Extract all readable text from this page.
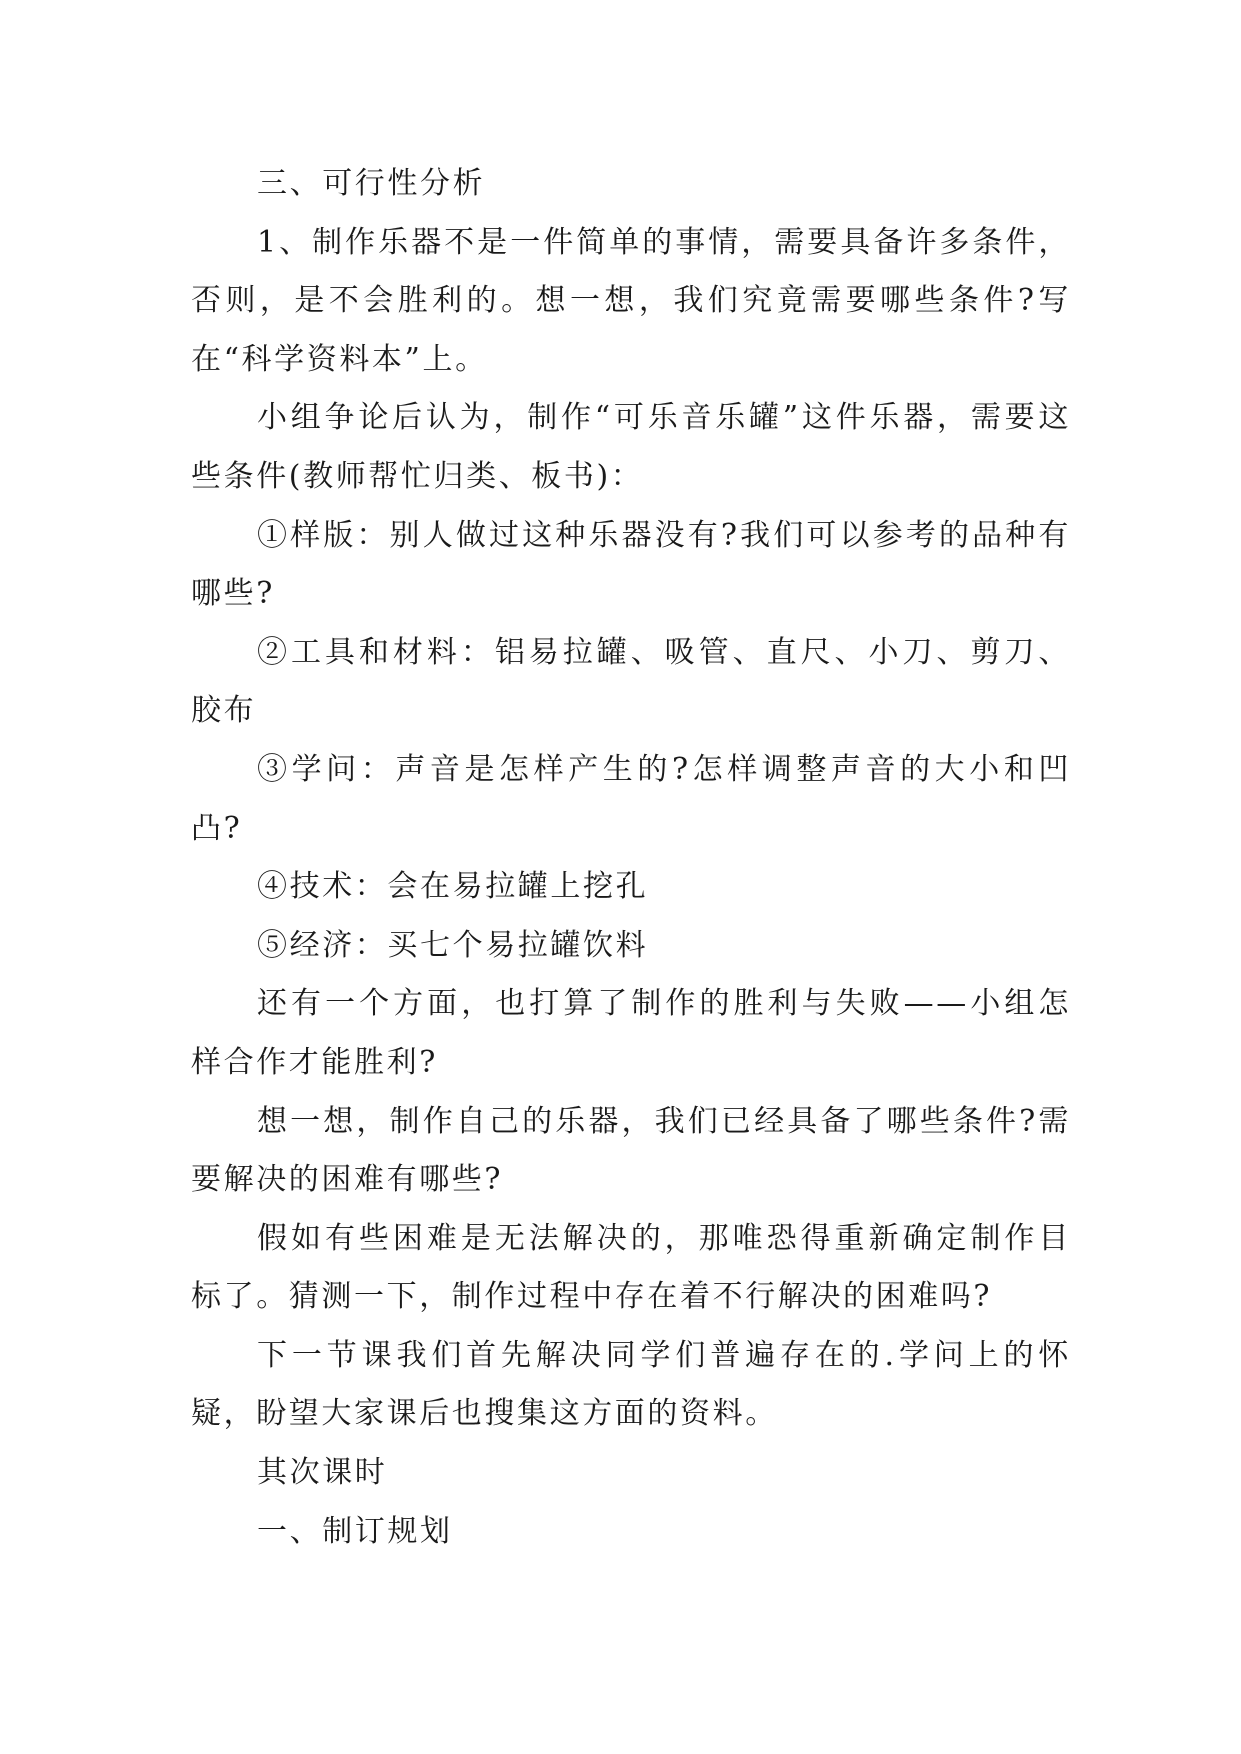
三、可行性分析

1、制作乐器不是一件简单的事情，需要具备许多条件，否则，是不会胜利的。想一想，我们究竟需要哪些条件?写在“科学资料本”上。

小组争论后认为，制作“可乐音乐罐”这件乐器，需要这些条件(教师帮忙归类、板书)：

①样版：别人做过这种乐器没有?我们可以参考的品种有哪些?

②工具和材料：铝易拉罐、吸管、直尺、小刀、剪刀、胶布

③学问：声音是怎样产生的?怎样调整声音的大小和凹凸?

④技术：会在易拉罐上挖孔

⑤经济：买七个易拉罐饮料

还有一个方面，也打算了制作的胜利与失败——小组怎样合作才能胜利?

想一想，制作自己的乐器，我们已经具备了哪些条件?需要解决的困难有哪些?

假如有些困难是无法解决的，那唯恐得重新确定制作目标了。猜测一下，制作过程中存在着不行解决的困难吗?

下一节课我们首先解决同学们普遍存在的.学问上的怀疑，盼望大家课后也搜集这方面的资料。

其次课时

一、制订规划
